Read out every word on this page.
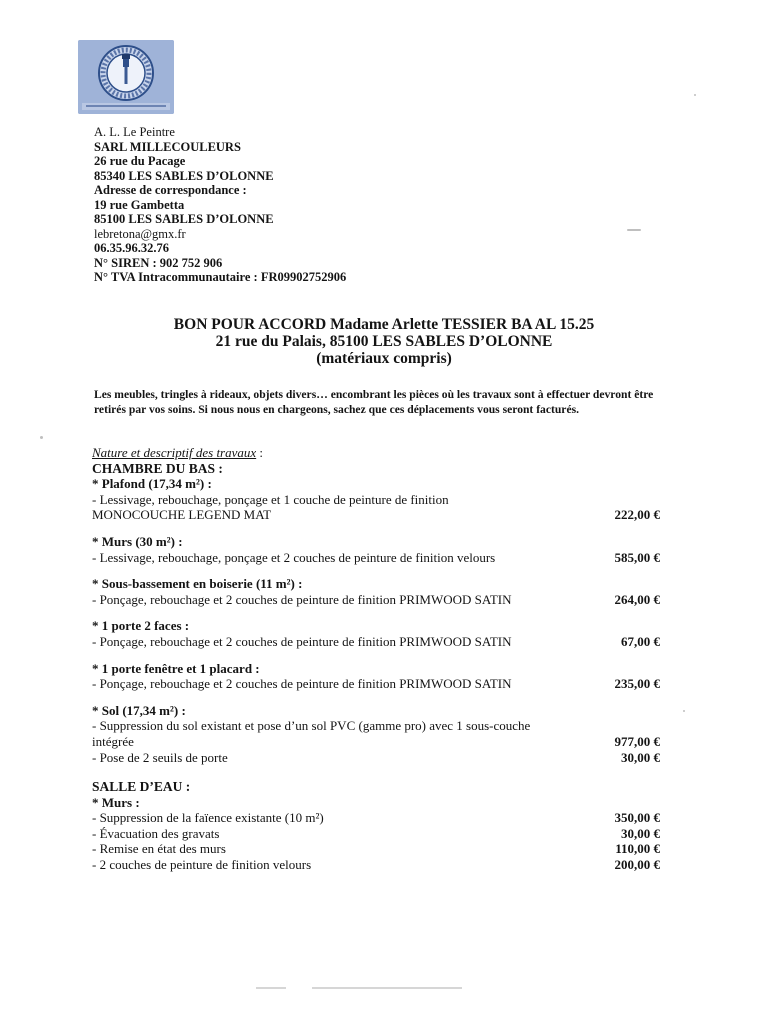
A. L. Le Peintre
SARL MILLECOULEURS
26 rue du Pacage
85340 LES SABLES D’OLONNE
Adresse de correspondance :
19 rue Gambetta
85100 LES SABLES D’OLONNE
lebretona@gmx.fr
06.35.96.32.76
N° SIREN : 902 752 906
N° TVA Intracommunautaire : FR09902752906
BON POUR ACCORD Madame Arlette TESSIER BA AL 15.25
21 rue du Palais, 85100 LES SABLES D’OLONNE
(matériaux compris)
Les meubles, tringles à rideaux, objets divers… encombrant les pièces où les travaux sont à effectuer devront être retirés par vos soins. Si nous nous en chargeons, sachez que ces déplacements vous seront facturés.
Nature et descriptif des travaux :
CHAMBRE DU BAS :
* Plafond (17,34 m²) :
- Lessivage, rebouchage, ponçage et 1 couche de peinture de finition
MONOCOUCHE LEGEND MAT	222,00 €
* Murs (30 m²) :
- Lessivage, rebouchage, ponçage et 2 couches de peinture de finition velours	585,00 €
* Sous-bassement en boiserie (11 m²) :
- Ponçage, rebouchage et 2 couches de peinture de finition PRIMWOOD SATIN	264,00 €
* 1 porte 2 faces :
- Ponçage, rebouchage et 2 couches de peinture de finition PRIMWOOD SATIN	67,00 €
* 1 porte fenêtre et 1 placard :
- Ponçage, rebouchage et 2 couches de peinture de finition PRIMWOOD SATIN	235,00 €
* Sol (17,34 m²) :
- Suppression du sol existant et pose d’un sol PVC (gamme pro) avec 1 sous-couche
intégrée	977,00 €
- Pose de 2 seuils de porte	30,00 €
SALLE D’EAU :
* Murs :
- Suppression de la faïence existante (10 m²)	350,00 €
- Évacuation des gravats	30,00 €
- Remise en état des murs	110,00 €
- 2 couches de peinture de finition velours	200,00 €
